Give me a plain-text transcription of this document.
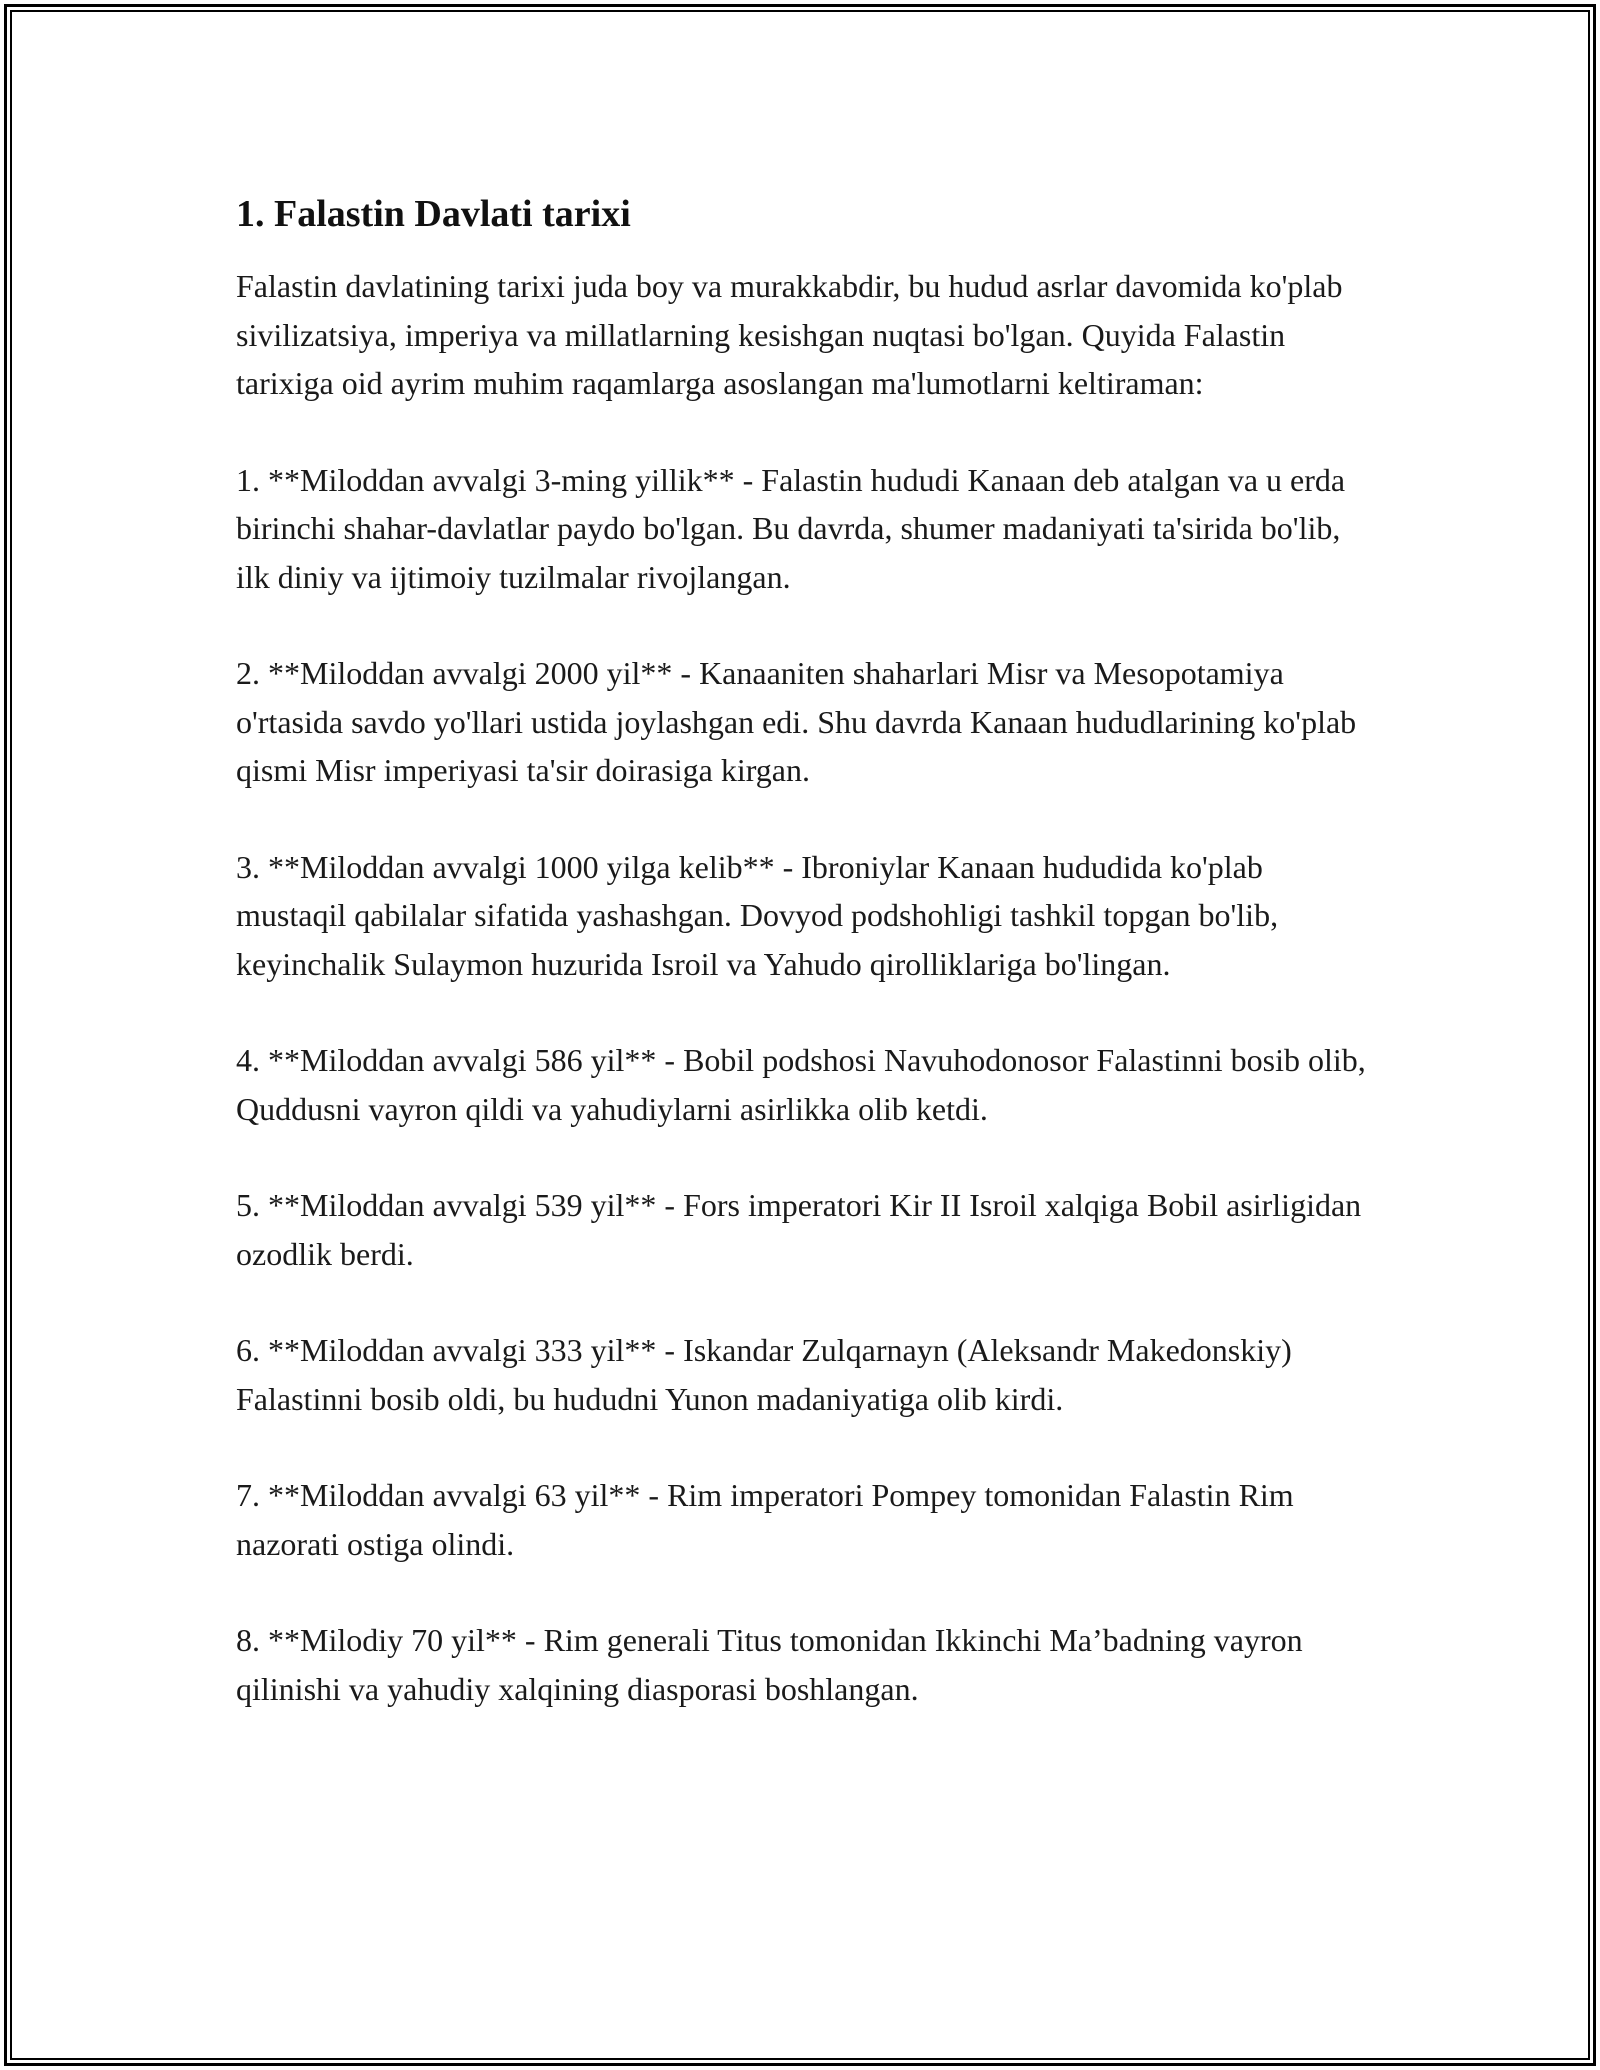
1. Falastin Davlati tarixi

Falastin davlatining tarixi juda boy va murakkabdir, bu hudud asrlar davomida ko'plab sivilizatsiya, imperiya va millatlarning kesishgan nuqtasi bo'lgan. Quyida Falastin tarixiga oid ayrim muhim raqamlarga asoslangan ma'lumotlarni keltiraman:

1. **Miloddan avvalgi 3-ming yillik** - Falastin hududi Kanaan deb atalgan va u erda birinchi shahar-davlatlar paydo bo'lgan. Bu davrda, shumer madaniyati ta'sirida bo'lib, ilk diniy va ijtimoiy tuzilmalar rivojlangan.

2. **Miloddan avvalgi 2000 yil** - Kanaaniten shaharlari Misr va Mesopotamiya o'rtasida savdo yo'llari ustida joylashgan edi. Shu davrda Kanaan hududlarining ko'plab qismi Misr imperiyasi ta'sir doirasiga kirgan.

3. **Miloddan avvalgi 1000 yilga kelib** - Ibroniylar Kanaan hududida ko'plab mustaqil qabilalar sifatida yashashgan. Dovyod podshohligi tashkil topgan bo'lib, keyinchalik Sulaymon huzurida Isroil va Yahudo qirolliklariga bo'lingan.

4. **Miloddan avvalgi 586 yil** - Bobil podshosi Navuhodonosor Falastinni bosib olib, Quddusni vayron qildi va yahudiylarni asirlikka olib ketdi.

5. **Miloddan avvalgi 539 yil** - Fors imperatori Kir II Isroil xalqiga Bobil asirligidan ozodlik berdi.

6. **Miloddan avvalgi 333 yil** - Iskandar Zulqarnayn (Aleksandr Makedonskiy) Falastinni bosib oldi, bu hududni Yunon madaniyatiga olib kirdi.

7. **Miloddan avvalgi 63 yil** - Rim imperatori Pompey tomonidan Falastin Rim nazorati ostiga olindi.

8. **Milodiy 70 yil** - Rim generali Titus tomonidan Ikkinchi Ma’badning vayron qilinishi va yahudiy xalqining diasporasi boshlangan.
